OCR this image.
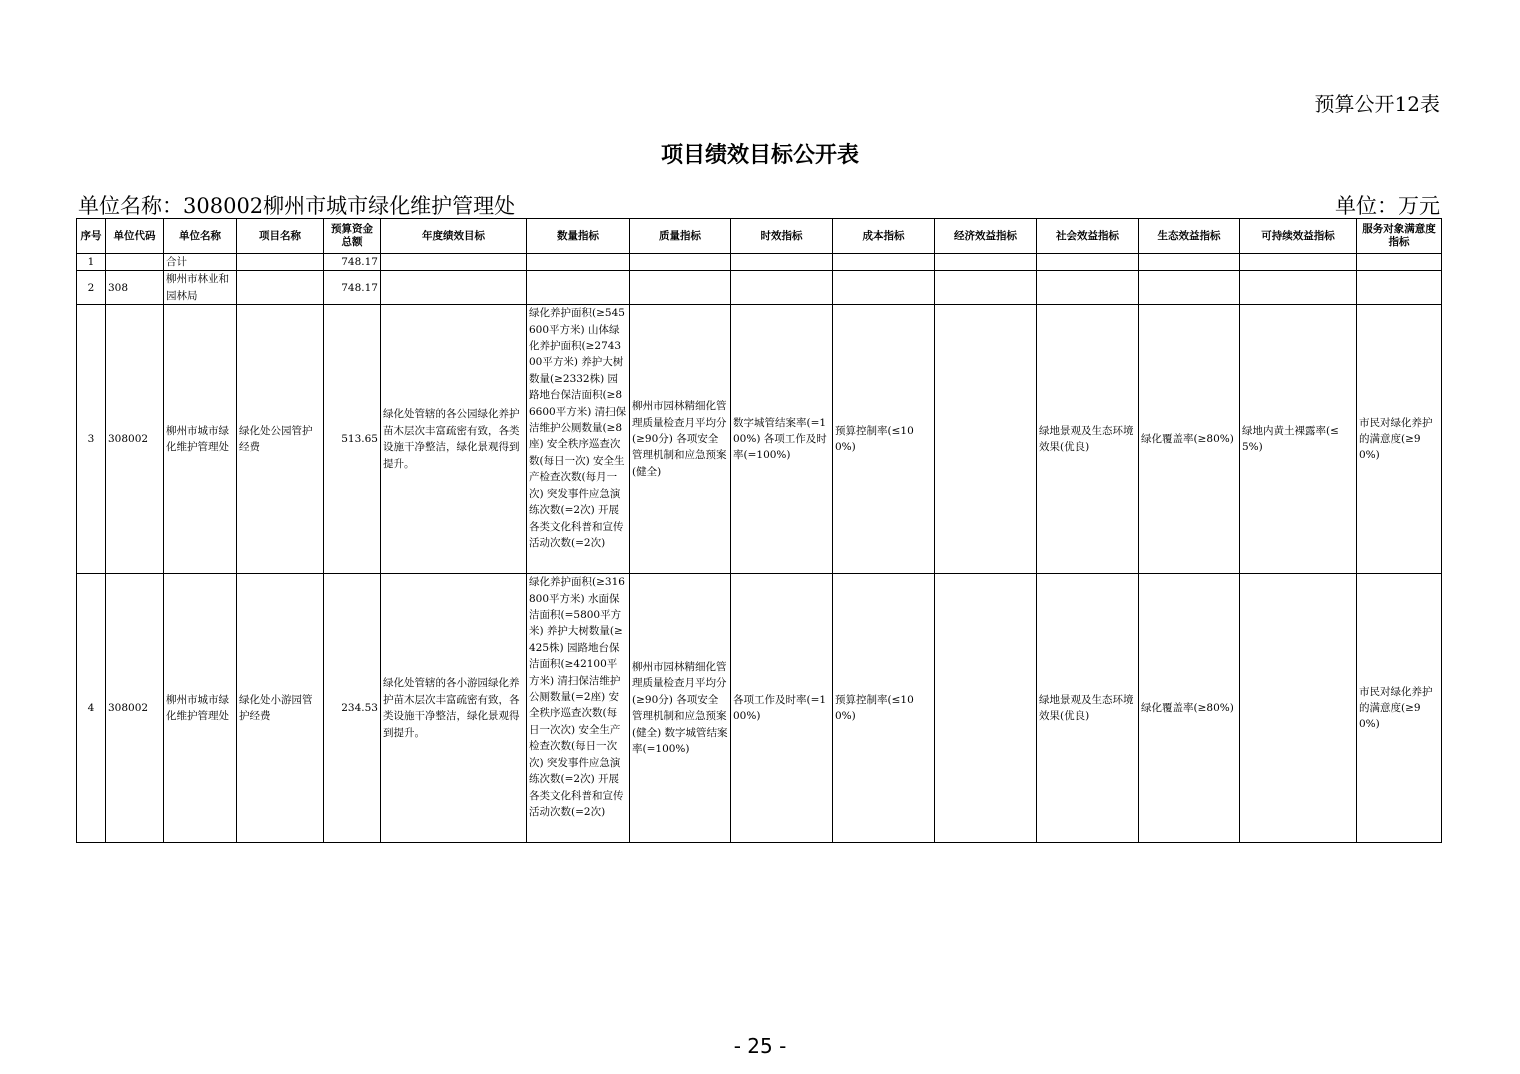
预算公开12表
项目绩效目标公开表
单位名称：308002柳州市城市绿化维护管理处	单位：万元
序号	单位代码	单位名称	项目名称	预算资金总额	年度绩效目标	数量指标	质量指标	时效指标	成本指标	经济效益指标	社会效益指标	生态效益指标	可持续效益指标	服务对象满意度指标
1		合计		748.17										
2	308	柳州市林业和园林局		748.17										
3	308002	柳州市城市绿化维护管理处	绿化处公园管护经费	513.65	绿化处管辖的各公园绿化养护苗木层次丰富疏密有致，各类设施干净整洁，绿化景观得到提升。	绿化养护面积(≥545600平方米) 山体绿化养护面积(≥274300平方米) 养护大树数量(≥2332株) 园路地台保洁面积(≥86600平方米) 清扫保洁维护公厕数量(≥8座) 安全秩序巡查次数(每日一次) 安全生产检查次数(每月一次) 突发事件应急演练次数(=2次) 开展各类文化科普和宣传活动次数(=2次)	柳州市园林精细化管理质量检查月平均分(≥90分) 各项安全管理机制和应急预案(健全)	数字城管结案率(=100%) 各项工作及时率(=100%)	预算控制率(≤100%)		绿地景观及生态环境效果(优良)	绿化覆盖率(≥80%)	绿地内黄土裸露率(≤5%)	市民对绿化养护的满意度(≥90%)
4	308002	柳州市城市绿化维护管理处	绿化处小游园管护经费	234.53	绿化处管辖的各小游园绿化养护苗木层次丰富疏密有致，各类设施干净整洁，绿化景观得到提升。	绿化养护面积(≥316800平方米) 水面保洁面积(=5800平方米) 养护大树数量(≥425株) 园路地台保洁面积(≥42100平方米) 清扫保洁维护公厕数量(=2座) 安全秩序巡查次数(每日一次次) 安全生产检查次数(每日一次次) 突发事件应急演练次数(=2次) 开展各类文化科普和宣传活动次数(=2次)	柳州市园林精细化管理质量检查月平均分(≥90分) 各项安全管理机制和应急预案(健全) 数字城管结案率(=100%)	各项工作及时率(=100%)	预算控制率(≤100%)		绿地景观及生态环境效果(优良)	绿化覆盖率(≥80%)		市民对绿化养护的满意度(≥90%)
- 25 -
